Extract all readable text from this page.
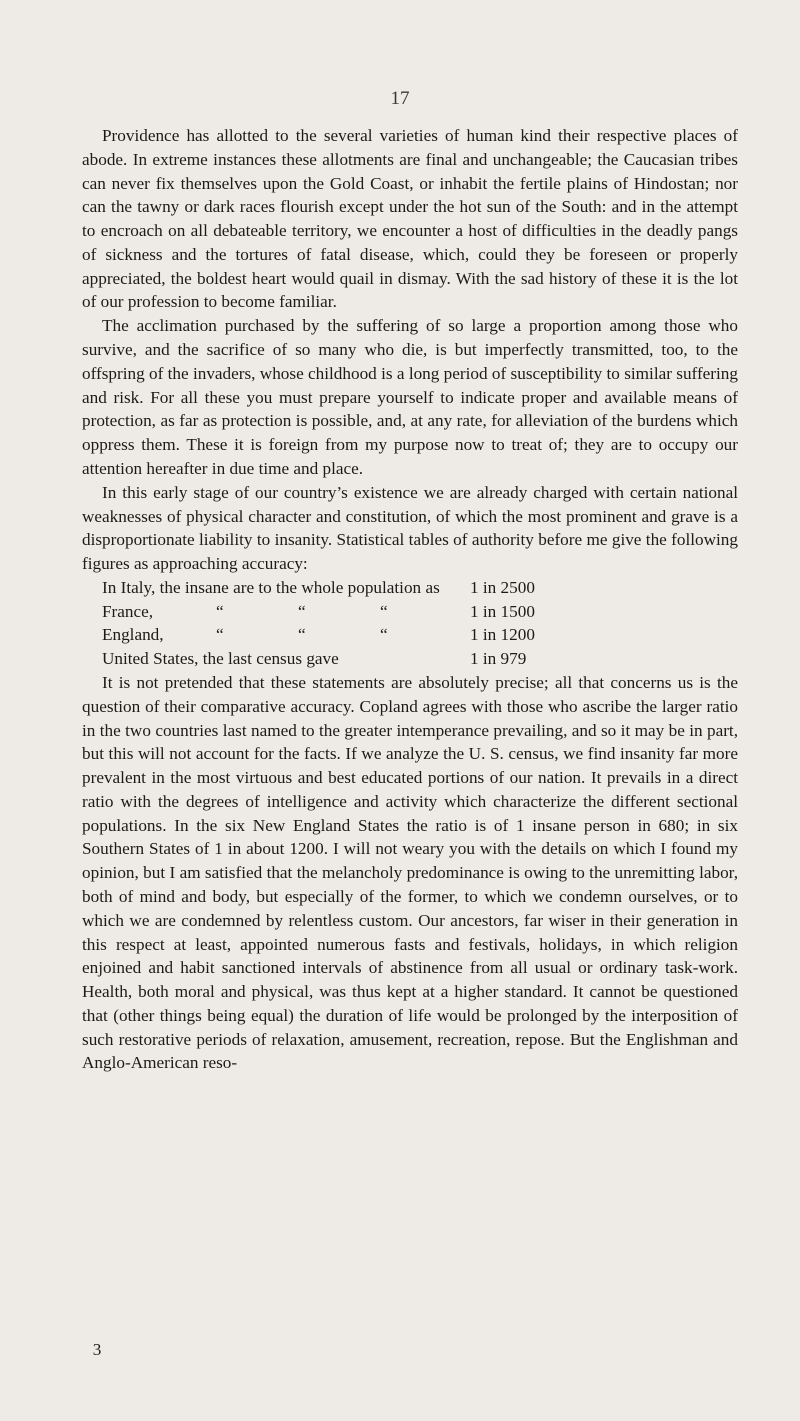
17

Providence has allotted to the several varieties of human kind their respective places of abode. In extreme instances these allotments are final and unchangeable; the Caucasian tribes can never fix themselves upon the Gold Coast, or inhabit the fertile plains of Hindostan; nor can the tawny or dark races flourish except under the hot sun of the South: and in the attempt to encroach on all debateable territory, we encounter a host of difficulties in the deadly pangs of sickness and the tortures of fatal disease, which, could they be foreseen or properly appreciated, the boldest heart would quail in dismay. With the sad history of these it is the lot of our profession to become familiar.

The acclimation purchased by the suffering of so large a proportion among those who survive, and the sacrifice of so many who die, is but imperfectly transmitted, too, to the offspring of the invaders, whose childhood is a long period of susceptibility to similar suffering and risk. For all these you must prepare yourself to indicate proper and available means of protection, as far as protection is possible, and, at any rate, for alleviation of the burdens which oppress them. These it is foreign from my purpose now to treat of; they are to occupy our attention hereafter in due time and place.

In this early stage of our country’s existence we are already charged with certain national weaknesses of physical character and constitution, of which the most prominent and grave is a disproportionate liability to insanity. Statistical tables of authority before me give the following figures as approaching accuracy:

In Italy, the insane are to the whole population as				1 in 2500
France,	“	“	“	1 in 1500
England,	“	“	“	1 in 1200
United States, the last census gave				1 in 979

It is not pretended that these statements are absolutely precise; all that concerns us is the question of their comparative accuracy. Copland agrees with those who ascribe the larger ratio in the two countries last named to the greater intemperance prevailing, and so it may be in part, but this will not account for the facts. If we analyze the U. S. census, we find insanity far more prevalent in the most virtuous and best educated portions of our nation. It prevails in a direct ratio with the degrees of intelligence and activity which characterize the different sectional populations. In the six New England States the ratio is of 1 insane person in 680; in six Southern States of 1 in about 1200. I will not weary you with the details on which I found my opinion, but I am satisfied that the melancholy predominance is owing to the unremitting labor, both of mind and body, but especially of the former, to which we condemn ourselves, or to which we are condemned by relentless custom. Our ancestors, far wiser in their generation in this respect at least, appointed numerous fasts and festivals, holidays, in which religion enjoined and habit sanctioned intervals of abstinence from all usual or ordinary task-work. Health, both moral and physical, was thus kept at a higher standard. It cannot be questioned that (other things being equal) the duration of life would be prolonged by the interposition of such restorative periods of relaxation, amusement, recreation, repose. But the Englishman and Anglo-American reso-

3
